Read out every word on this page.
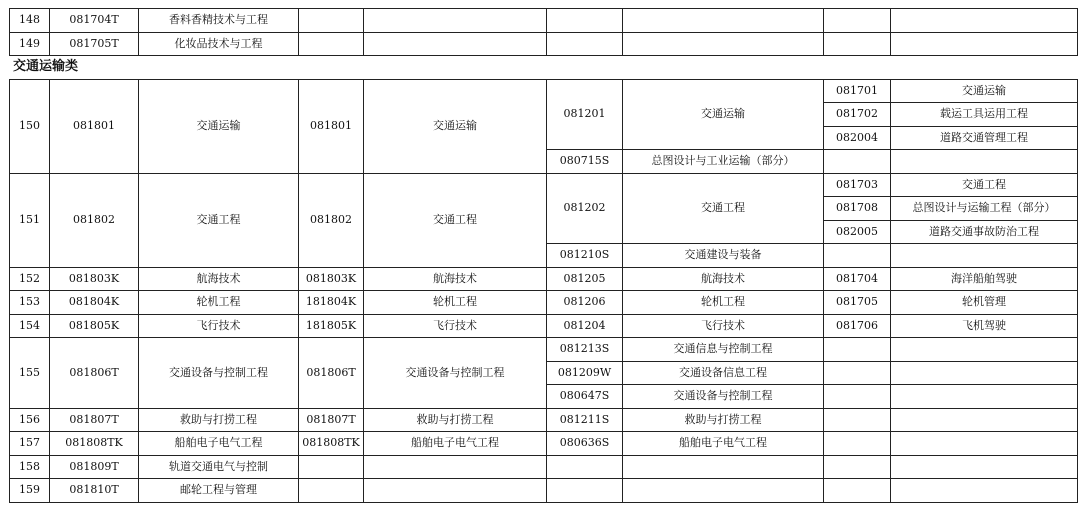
148	081704T	香料香精技术与工程						
149	081705T	化妆品技术与工程						
交通运输类								
150	081801	交通运输	081801	交通运输	081201	交通运输	081701	交通运输
							081702	载运工具运用工程
							082004	道路交通管理工程
					080715S	总图设计与工业运输（部分）		
151	081802	交通工程	081802	交通工程	081202	交通工程	081703	交通工程
							081708	总图设计与运输工程（部分）
							082005	道路交通事故防治工程
					081210S	交通建设与装备		
152	081803K	航海技术	081803K	航海技术	081205	航海技术	081704	海洋船舶驾驶
153	081804K	轮机工程	181804K	轮机工程	081206	轮机工程	081705	轮机管理
154	081805K	飞行技术	181805K	飞行技术	081204	飞行技术	081706	飞机驾驶
155	081806T	交通设备与控制工程	081806T	交通设备与控制工程	081213S	交通信息与控制工程		
					081209W	交通设备信息工程		
					080647S	交通设备与控制工程		
156	081807T	救助与打捞工程	081807T	救助与打捞工程	081211S	救助与打捞工程		
157	081808TK	船舶电子电气工程	081808TK	船舶电子电气工程	080636S	船舶电子电气工程		
158	081809T	轨道交通电气与控制						
159	081810T	邮轮工程与管理						
